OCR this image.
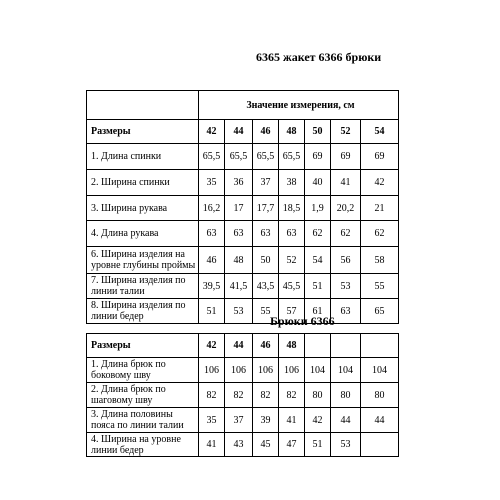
6365 жакет 6366 брюки
	Значение измерения, см						
Размеры	42	44	46	48	50	52	54
1. Длина спинки	65,5	65,5	65,5	65,5	69	69	69
2. Ширина спинки	35	36	37	38	40	41	42
3. Ширина рукава	16,2	17	17,7	18,5	1,9	20,2	21
4. Длина рукава	63	63	63	63	62	62	62
6. Ширина изделия на уровне глубины проймы	46	48	50	52	54	56	58
7. Ширина изделия по линии талии	39,5	41,5	43,5	45,5	51	53	55
8. Ширина изделия по линии бедер	51	53	55	57	61	63	65
Брюки 6366
Размеры	42	44	46	48			
1. Длина брюк по боковому шву	106	106	106	106	104	104	104
2. Длина брюк по шаговому шву	82	82	82	82	80	80	80
3. Длина половины пояса по линии талии	35	37	39	41	42	44	44
4. Ширина на уровне линии бедер	41	43	45	47	51	53	
